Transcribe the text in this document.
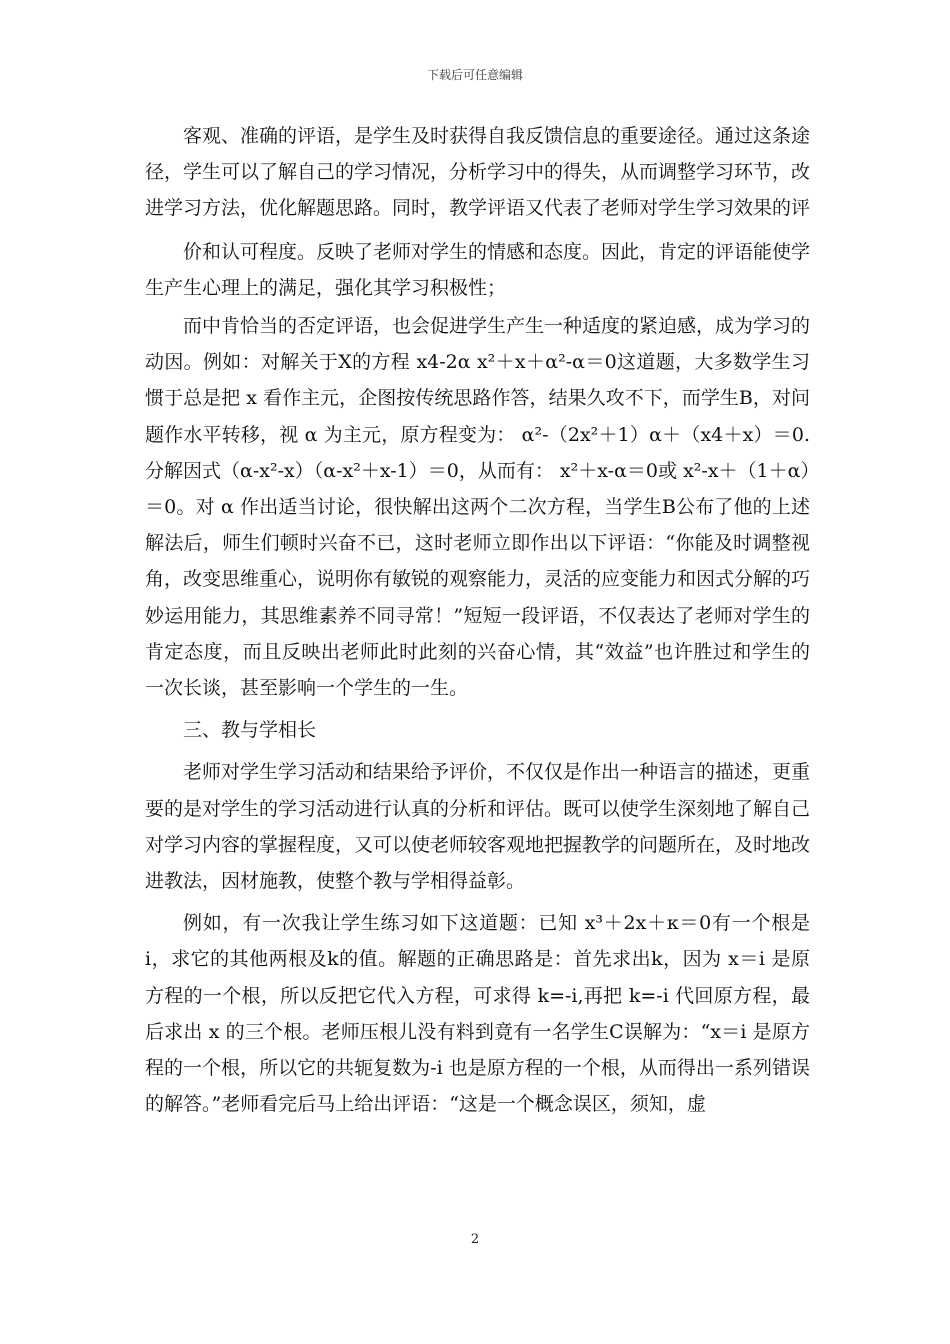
下载后可任意编辑

客观、准确的评语，是学生及时获得自我反馈信息的重要途径。通过这条途径，学生可以了解自己的学习情况，分析学习中的得失，从而调整学习环节，改进学习方法，优化解题思路。同时，教学评语又代表了老师对学生学习效果的评

价和认可程度。反映了老师对学生的情感和态度。因此，肯定的评语能使学生产生心理上的满足，强化其学习积极性；

而中肯恰当的否定评语，也会促进学生产生一种适度的紧迫感，成为学习的动因。例如：对解关于X的方程 x4-2α x²＋x＋α²-α＝0这道题，大多数学生习惯于总是把 x 看作主元，企图按传统思路作答，结果久攻不下，而学生B，对问题作水平转移，视 α 为主元，原方程变为： α²-（2x²＋1）α＋（x4＋x）＝0.分解因式（α-x²-x）（α-x²＋x-1）＝0，从而有： x²＋x-α＝0或 x²-x＋（1＋α）＝0。对 α 作出适当讨论，很快解出这两个二次方程，当学生B公布了他的上述解法后，师生们顿时兴奋不已，这时老师立即作出以下评语：“你能及时调整视角，改变思维重心，说明你有敏锐的观察能力，灵活的应变能力和因式分解的巧妙运用能力，其思维素养不同寻常！”短短一段评语，不仅表达了老师对学生的肯定态度，而且反映出老师此时此刻的兴奋心情，其“效益”也许胜过和学生的一次长谈，甚至影响一个学生的一生。

三、教与学相长

老师对学生学习活动和结果给予评价，不仅仅是作出一种语言的描述，更重要的是对学生的学习活动进行认真的分析和评估。既可以使学生深刻地了解自己对学习内容的掌握程度，又可以使老师较客观地把握教学的问题所在，及时地改进教法，因材施教，使整个教与学相得益彰。

例如，有一次我让学生练习如下这道题：已知 x³＋2x＋κ＝0有一个根是i，求它的其他两根及k的值。解题的正确思路是：首先求出k，因为 x＝i 是原方程的一个根，所以反把它代入方程，可求得 k=-i,再把 k=-i 代回原方程，最后求出 x 的三个根。老师压根儿没有料到竟有一名学生C误解为：“x＝i 是原方程的一个根，所以它的共轭复数为-i 也是原方程的一个根，从而得出一系列错误的解答。”老师看完后马上给出评语：“这是一个概念误区，须知，虚

2
